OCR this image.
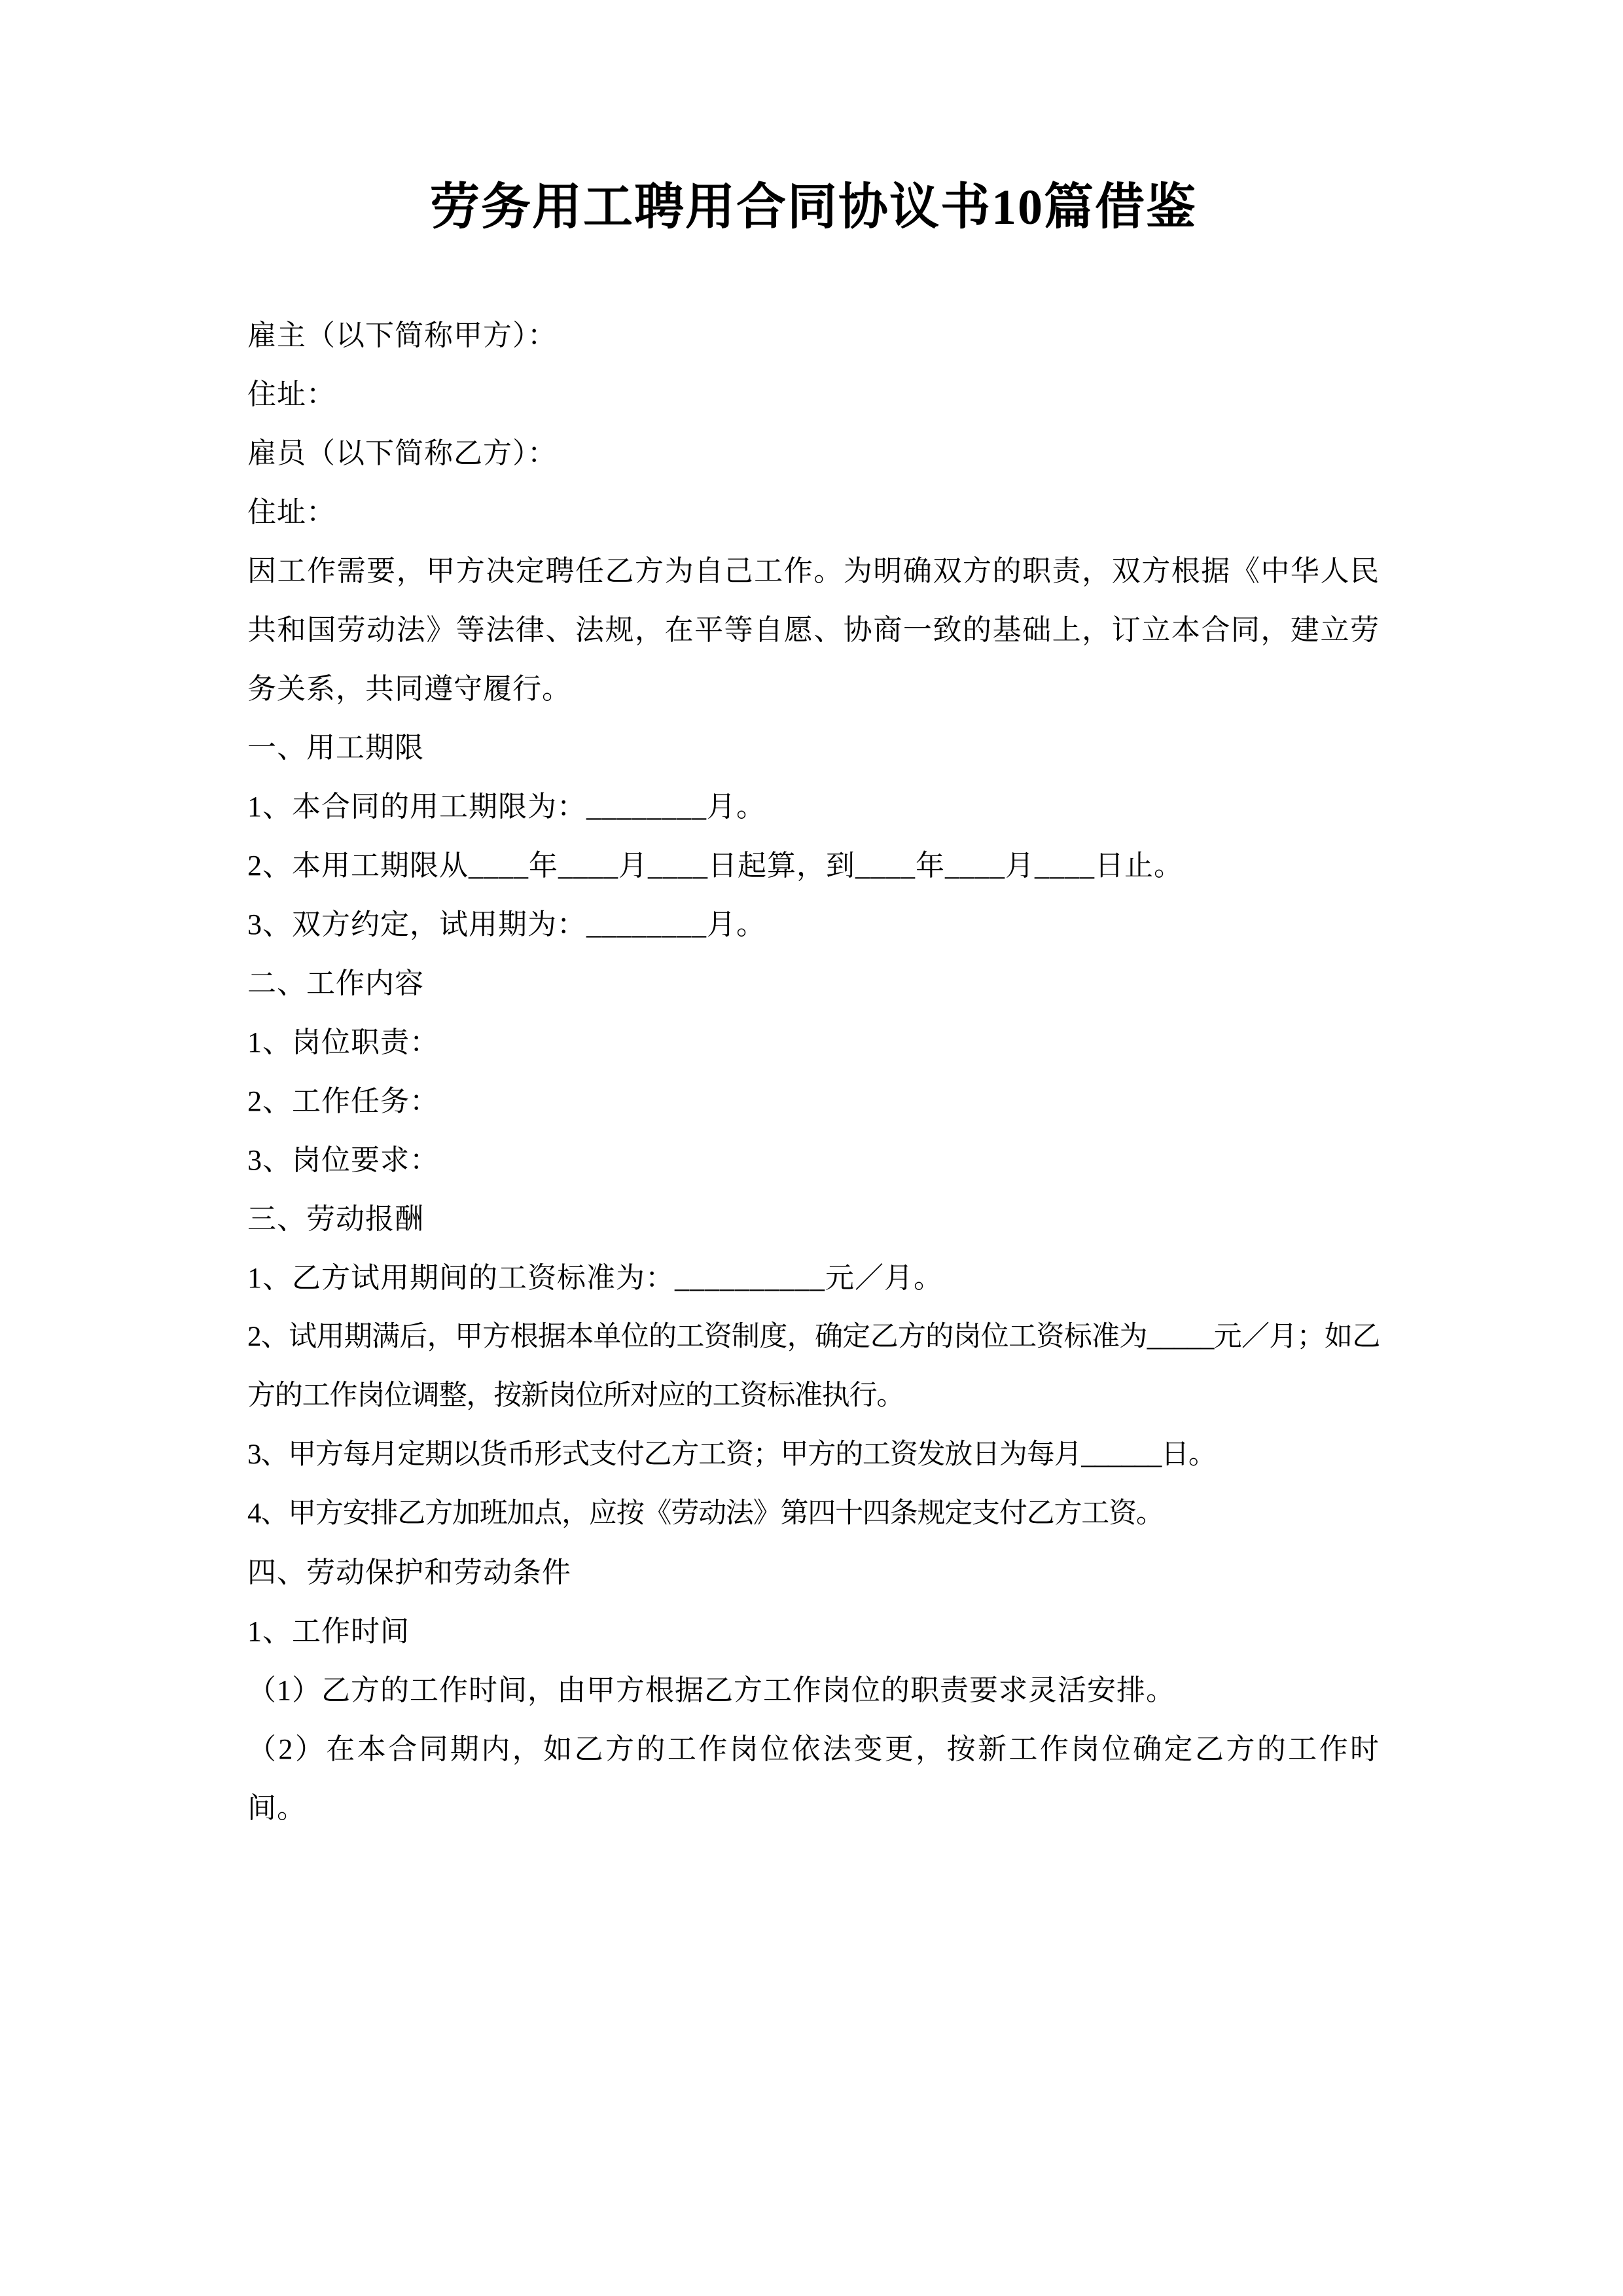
劳务用工聘用合同协议书10篇借鉴

雇主（以下简称甲方）：

住址：

雇员（以下简称乙方）：

住址：

因工作需要，甲方决定聘任乙方为自己工作。为明确双方的职责，双方根据《中华人民共和国劳动法》等法律、法规，在平等自愿、协商一致的基础上，订立本合同，建立劳务关系，共同遵守履行。

一、用工期限

1、本合同的用工期限为：________月。

2、本用工期限从____年____月____日起算，到____年____月____日止。

3、双方约定，试用期为：________月。

二、工作内容

1、岗位职责：

2、工作任务：

3、岗位要求：

三、劳动报酬

1、乙方试用期间的工资标准为：__________元／月。

2、试用期满后，甲方根据本单位的工资制度，确定乙方的岗位工资标准为_____元／月；如乙方的工作岗位调整，按新岗位所对应的工资标准执行。

3、甲方每月定期以货币形式支付乙方工资；甲方的工资发放日为每月______日。

4、甲方安排乙方加班加点，应按《劳动法》第四十四条规定支付乙方工资。

四、劳动保护和劳动条件

1、工作时间

（1）乙方的工作时间，由甲方根据乙方工作岗位的职责要求灵活安排。

（2）在本合同期内，如乙方的工作岗位依法变更，按新工作岗位确定乙方的工作时间。
